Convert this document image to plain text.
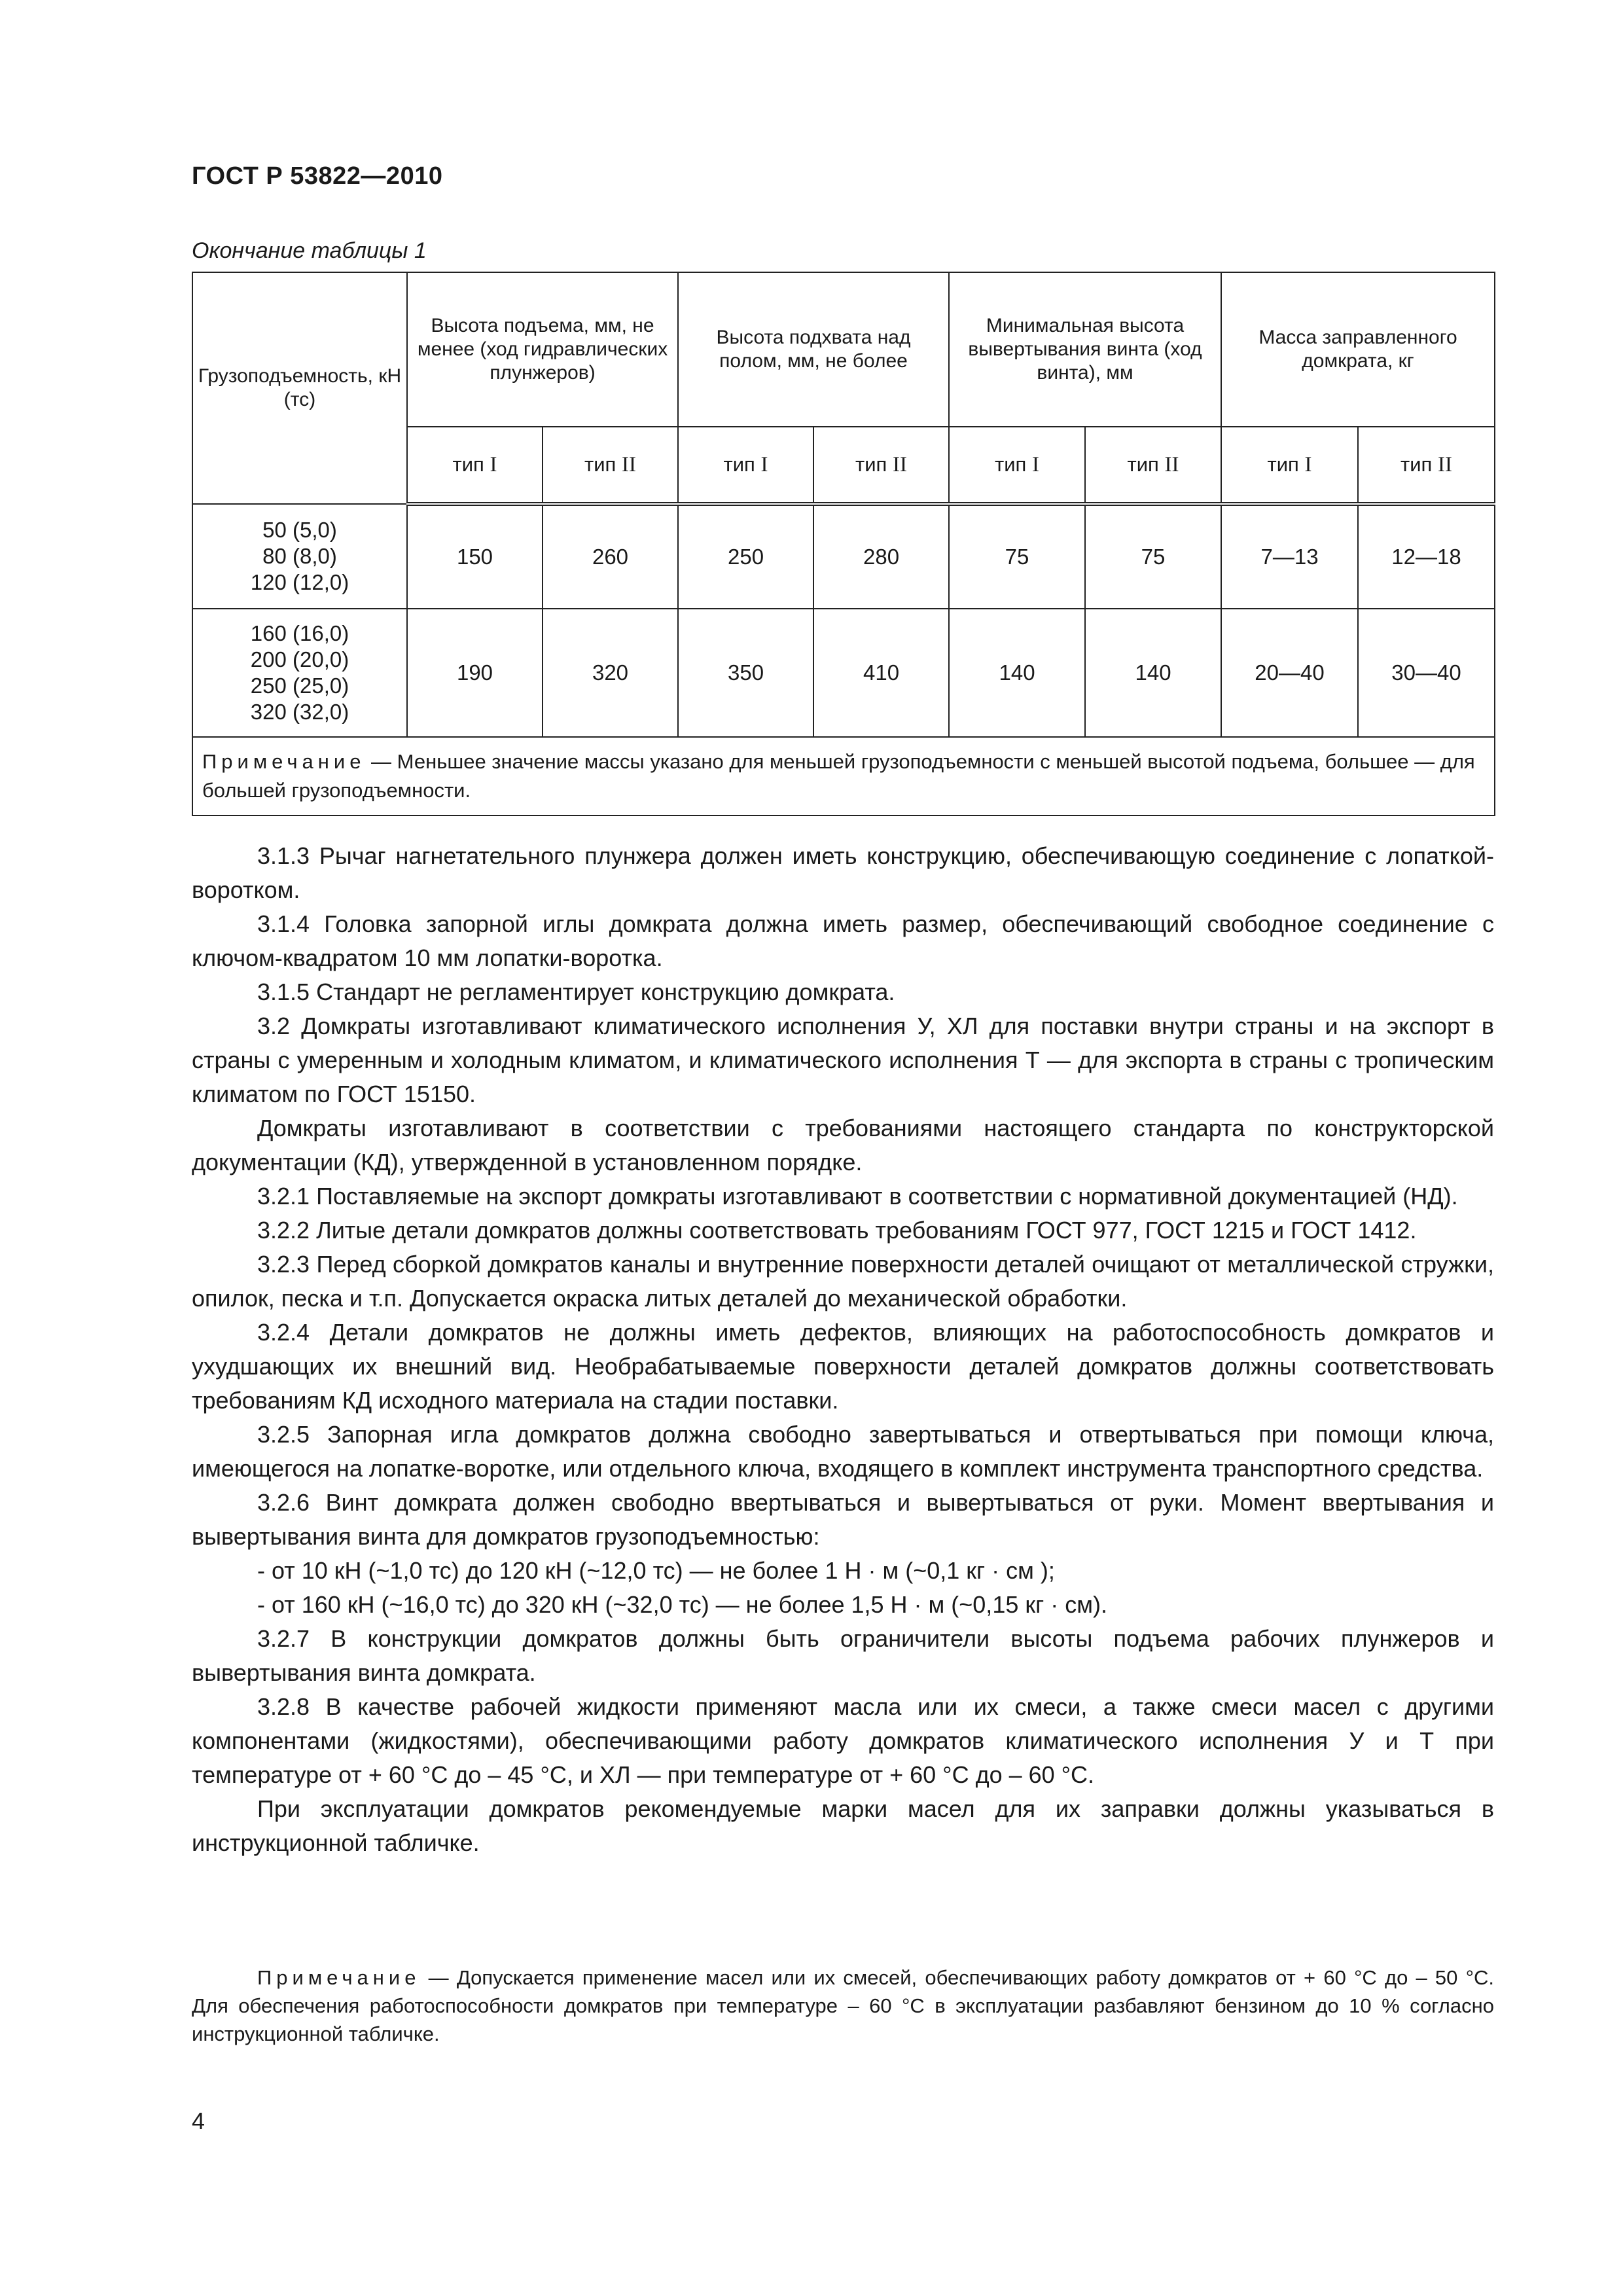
ГОСТ Р 53822—2010
Окончание таблицы 1
Грузоподъемность, кН (тс)	Высота подъема, мм, не менее (ход гидравлических плунжеров)		Высота подхвата над полом, мм, не более		Минимальная высота вывертывания винта (ход винта), мм		Масса заправленного домкрата, кг	
	тип I	тип II	тип I	тип II	тип I	тип II	тип I	тип II

50 (5,0)
80 (8,0)
120 (12,0)	150	260	250	280	75	75	7—13	12—18

160 (16,0)
200 (20,0)
250 (25,0)
320 (32,0)	190	320	350	410	140	140	20—40	30—40
Примечание — Меньшее значение массы указано для меньшей грузоподъемности с меньшей высотой подъема, большее — для большей грузоподъемности.								

3.1.3 Рычаг нагнетательного плунжера должен иметь конструкцию, обеспечивающую соединение с лопаткой-воротком.

3.1.4 Головка запорной иглы домкрата должна иметь размер, обеспечивающий свободное соединение с ключом-квадратом 10 мм лопатки-воротка.

3.1.5 Стандарт не регламентирует конструкцию домкрата.

3.2 Домкраты изготавливают климатического исполнения У, ХЛ для поставки внутри страны и на экспорт в страны с умеренным и холодным климатом, и климатического исполнения Т — для экспорта в страны с тропическим климатом по ГОСТ 15150.

Домкраты изготавливают в соответствии с требованиями настоящего стандарта по конструкторской документации (КД), утвержденной в установленном порядке.

3.2.1 Поставляемые на экспорт домкраты изготавливают в соответствии с нормативной документацией (НД).

3.2.2 Литые детали домкратов должны соответствовать требованиям ГОСТ 977, ГОСТ 1215 и ГОСТ 1412.

3.2.3 Перед сборкой домкратов каналы и внутренние поверхности деталей очищают от металлической стружки, опилок, песка и т.п. Допускается окраска литых деталей до механической обработки.

3.2.4 Детали домкратов не должны иметь дефектов, влияющих на работоспособность домкратов и ухудшающих их внешний вид. Необрабатываемые поверхности деталей домкратов должны соответствовать требованиям КД исходного материала на стадии поставки.

3.2.5 Запорная игла домкратов должна свободно завертываться и отвертываться при помощи ключа, имеющегося на лопатке-воротке, или отдельного ключа, входящего в комплект инструмента транспортного средства.

3.2.6 Винт домкрата должен свободно ввертываться и вывертываться от руки. Момент ввертывания и вывертывания винта для домкратов грузоподъемностью:

- от 10 кН (~1,0 тс) до 120 кН (~12,0 тс) — не более 1 Н · м (~0,1 кг · см );

- от 160 кН (~16,0 тс) до 320 кН (~32,0 тс) — не более 1,5 Н · м (~0,15 кг · см).

3.2.7 В конструкции домкратов должны быть ограничители высоты подъема рабочих плунжеров и вывертывания винта домкрата.

3.2.8 В качестве рабочей жидкости применяют масла или их смеси, а также смеси масел с другими компонентами (жидкостями), обеспечивающими работу домкратов климатического исполнения У и Т при температуре от + 60 °С до – 45 °С, и ХЛ — при температуре от + 60 °С до – 60 °С.

При эксплуатации домкратов рекомендуемые марки масел для их заправки должны указываться в инструкционной табличке.

Примечание — Допускается применение масел или их смесей, обеспечивающих работу домкратов от + 60 °С до – 50 °С. Для обеспечения работоспособности домкратов при температуре – 60 °С в эксплуатации разбавляют бензином до 10 % согласно инструкционной табличке.

4
